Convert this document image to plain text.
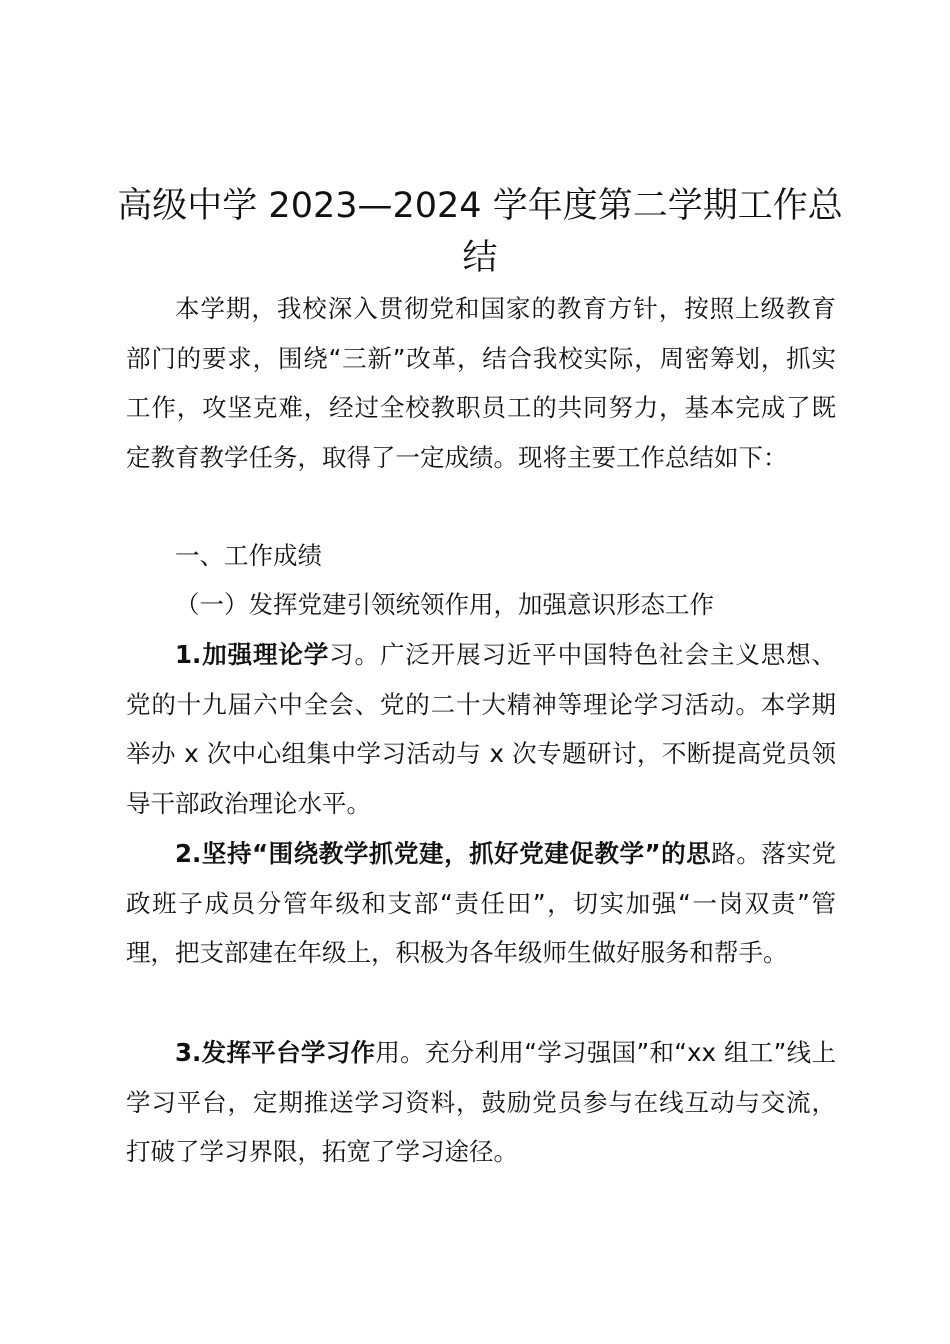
高级中学 2023—2024 学年度第二学期工作总结

本学期，我校深入贯彻党和国家的教育方针，按照上级教育部门的要求，围绕“三新”改革，结合我校实际，周密筹划，抓实工作，攻坚克难，经过全校教职员工的共同努力，基本完成了既定教育教学任务，取得了一定成绩。现将主要工作总结如下：

一、工作成绩

（一）发挥党建引领统领作用，加强意识形态工作

1.加强理论学习。广泛开展习近平中国特色社会主义思想、党的十九届六中全会、党的二十大精神等理论学习活动。本学期举办 x 次中心组集中学习活动与 x 次专题研讨，不断提高党员领导干部政治理论水平。

2.坚持“围绕教学抓党建，抓好党建促教学”的思路。落实党政班子成员分管年级和支部“责任田”，切实加强“一岗双责”管理，把支部建在年级上，积极为各年级师生做好服务和帮手。

3.发挥平台学习作用。充分利用“学习强国”和“xx 组工”线上学习平台，定期推送学习资料，鼓励党员参与在线互动与交流，打破了学习界限，拓宽了学习途径。
